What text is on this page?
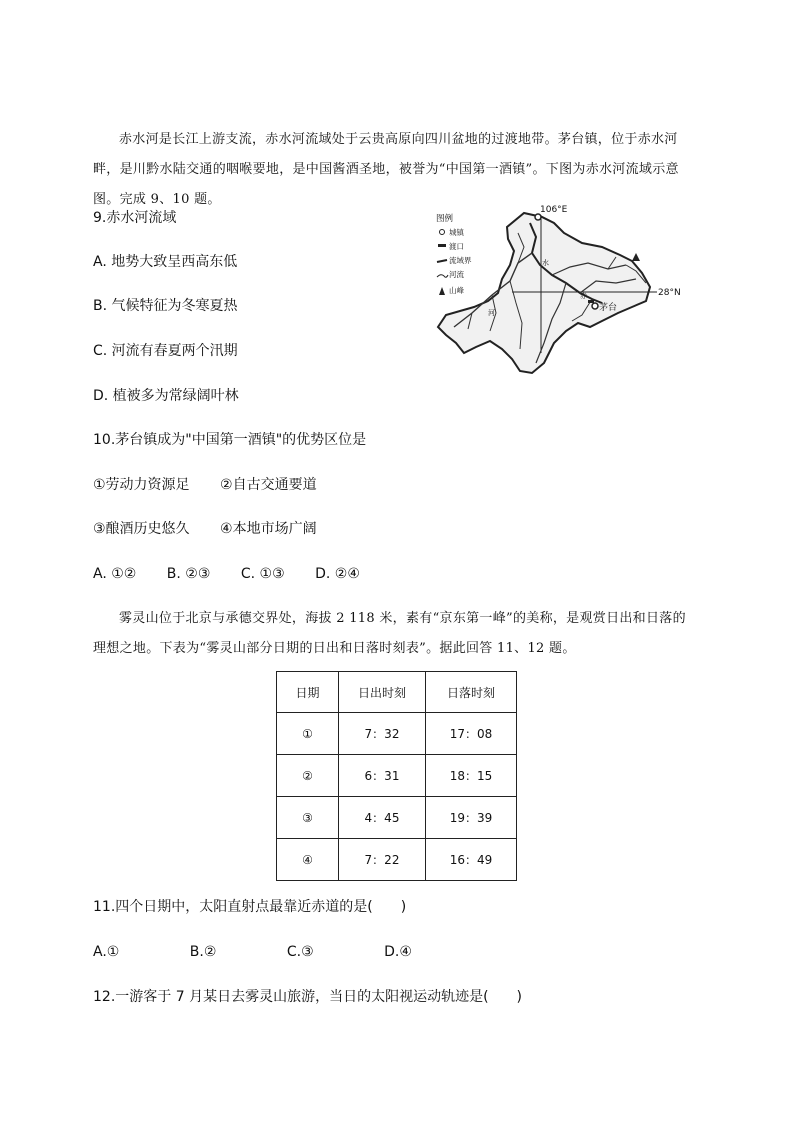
赤水河是长江上游支流，赤水河流域处于云贵高原向四川盆地的过渡地带。茅台镇，位于赤水河畔，是川黔水陆交通的咽喉要地，是中国酱酒圣地，被誉为“中国第一酒镇”。下图为赤水河流域示意图。完成 9、10 题。

9.赤水河流域

A. 地势大致呈西高东低

B. 气候特征为冬寒夏热

C. 河流有春夏两个汛期

D. 植被多为常绿阔叶林

106°E
28°N
茅台
赤
水
河
图例
城镇
渡口
流域界
河流
山峰

10.茅台镇成为"中国第一酒镇"的优势区位是

①劳动力资源足 ②自古交通要道

③酿酒历史悠久 ④本地市场广阔

A. ①② B. ②③ C. ①③ D. ②④

雾灵山位于北京与承德交界处，海拔 2 118 米，素有“京东第一峰”的美称，是观赏日出和日落的理想之地。下表为“雾灵山部分日期的日出和日落时刻表”。据此回答 11、12 题。

日期	日出时刻	日落时刻
①	7：32	17：08
②	6：31	18：15
③	4：45	19：39
④	7：22	16：49

11.四个日期中，太阳直射点最靠近赤道的是(　　)

A.①	B.②	C.③	D.④

12.一游客于 7 月某日去雾灵山旅游，当日的太阳视运动轨迹是(　　)
